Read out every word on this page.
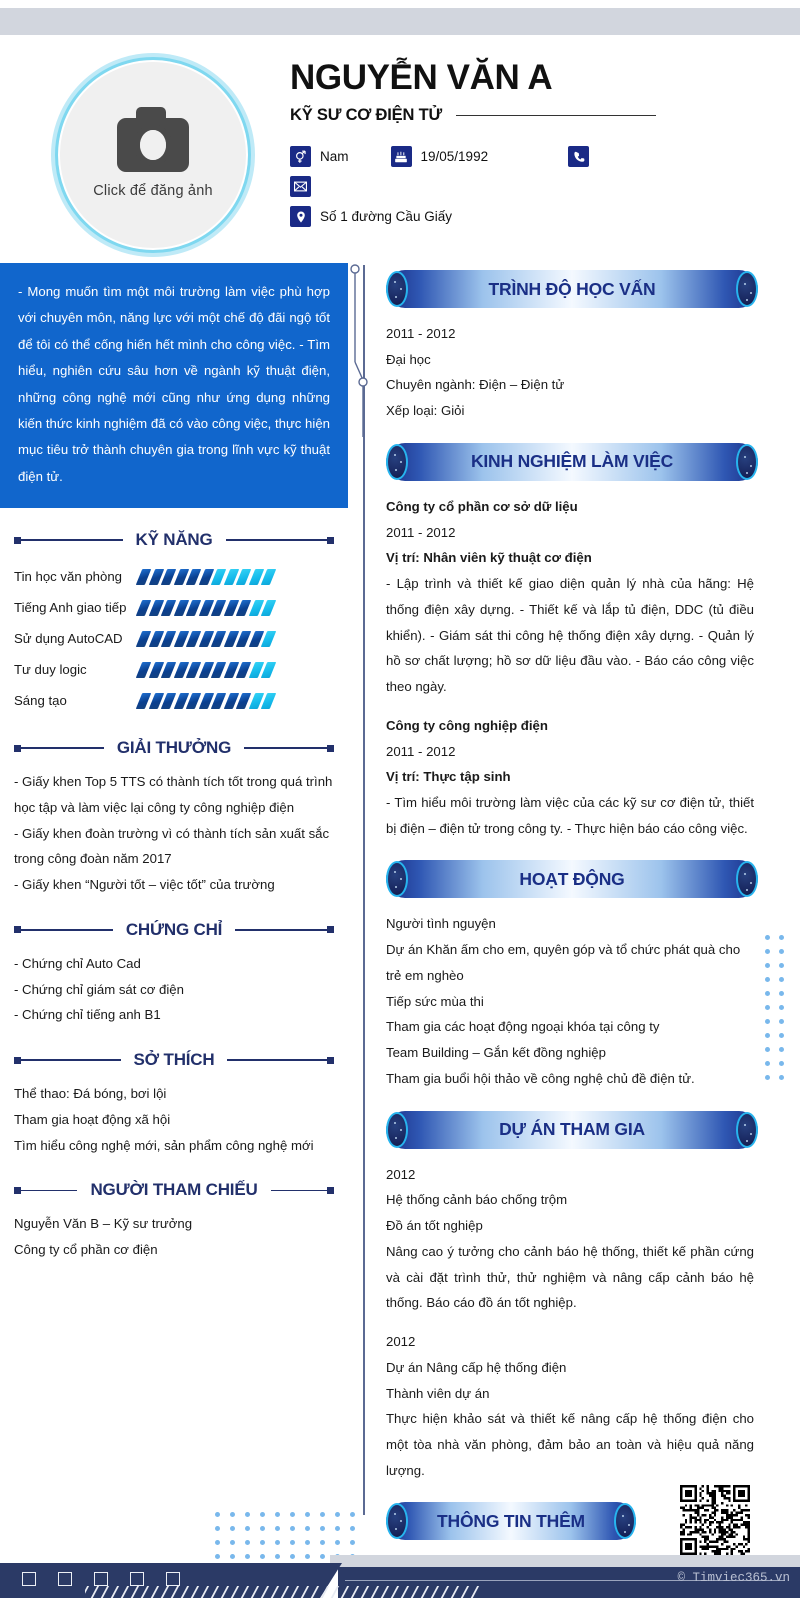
Click để đăng ảnh
NGUYỄN VĂN A
KỸ SƯ CƠ ĐIỆN TỬ
Nam	19/05/1992
Số 1 đường Cầu Giấy
- Mong muốn tìm một môi trường làm việc phù hợp với chuyên môn, năng lực với một chế độ đãi ngộ tốt để tôi có thể cống hiến hết mình cho công việc. - Tìm hiểu, nghiên cứu sâu hơn về ngành kỹ thuật điện, những công nghệ mới cũng như ứng dụng những kiến thức kinh nghiệm đã có vào công việc, thực hiện mục tiêu trở thành chuyên gia trong lĩnh vực kỹ thuật điện tử.
KỸ NĂNG
Tin học văn phòng
Tiếng Anh giao tiếp
Sử dụng AutoCAD
Tư duy logic
Sáng tạo
GIẢI THƯỞNG
- Giấy khen Top 5 TTS có thành tích tốt trong quá trình học tập và làm việc lại công ty công nghiệp điện
- Giấy khen đoàn trường vì có thành tích sản xuất sắc trong công đoàn năm 2017
- Giấy khen “Người tốt – việc tốt” của trường
CHỨNG CHỈ
- Chứng chỉ Auto Cad
- Chứng chỉ giám sát cơ điện
- Chứng chỉ tiếng anh B1
SỞ THÍCH
Thể thao: Đá bóng, bơi lội
Tham gia hoạt động xã hội
Tìm hiểu công nghệ mới, sản phẩm công nghệ mới
NGƯỜI THAM CHIẾU
Nguyễn Văn B – Kỹ sư trưởng
Công ty cổ phần cơ điện
TRÌNH ĐỘ HỌC VẤN
2011 - 2012
Đại học
Chuyên ngành: Điện – Điện tử
Xếp loại: Giỏi
KINH NGHIỆM LÀM VIỆC
Công ty cổ phần cơ sở dữ liệu
2011 - 2012
Vị trí: Nhân viên kỹ thuật cơ điện
- Lập trình và thiết kế giao diện quản lý nhà của hãng: Hệ thống điện xây dựng. - Thiết kế và lắp tủ điện, DDC (tủ điều khiển). - Giám sát thi công hệ thống điện xây dựng. - Quản lý hồ sơ chất lượng; hồ sơ dữ liệu đầu vào. - Báo cáo công việc theo ngày.
Công ty công nghiệp điện
2011 - 2012
Vị trí: Thực tập sinh
- Tìm hiểu môi trường làm việc của các kỹ sư cơ điện tử, thiết bị điện – điện tử trong công ty. - Thực hiện báo cáo công việc.
HOẠT ĐỘNG
Người tình nguyện
Dự án Khăn ấm cho em, quyên góp và tổ chức phát quà cho trẻ em nghèo
Tiếp sức mùa thi
Tham gia các hoạt động ngoại khóa tại công ty
Team Building – Gắn kết đồng nghiệp
Tham gia buổi hội thảo về công nghệ chủ đề điện tử.
DỰ ÁN THAM GIA
2012
Hệ thống cảnh báo chống trộm
Đồ án tốt nghiệp
Nâng cao ý tưởng cho cảnh báo hệ thống, thiết kế phần cứng và cài đặt trình thử, thử nghiệm và nâng cấp cảnh báo hệ thống. Báo cáo đồ án tốt nghiệp.
2012
Dự án Nâng cấp hệ thống điện
Thành viên dự án
Thực hiện khảo sát và thiết kế nâng cấp hệ thống điện cho một tòa nhà văn phòng, đảm bảo an toàn và hiệu quả năng lượng.
THÔNG TIN THÊM
© Timviec365.vn
